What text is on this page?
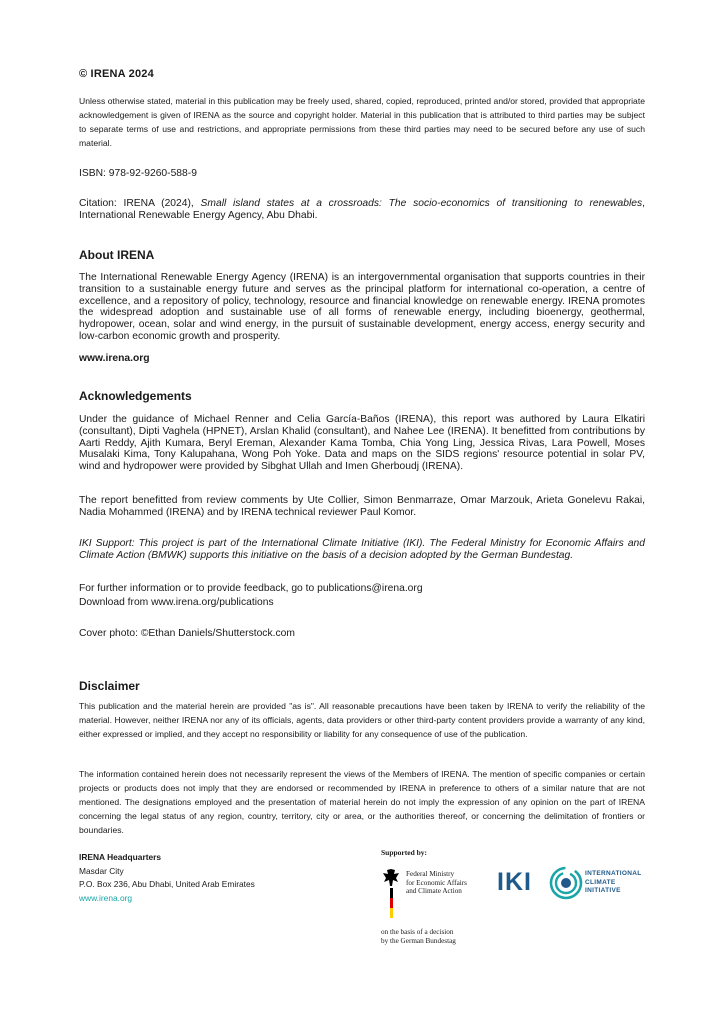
© IRENA 2024

Unless otherwise stated, material in this publication may be freely used, shared, copied, reproduced, printed and/or stored, provided that appropriate acknowledgement is given of IRENA as the source and copyright holder. Material in this publication that is attributed to third parties may be subject to separate terms of use and restrictions, and appropriate permissions from these third parties may need to be secured before any use of such material.

ISBN: 978-92-9260-588-9

Citation: IRENA (2024), Small island states at a crossroads: The socio-economics of transitioning to renewables, International Renewable Energy Agency, Abu Dhabi.

About IRENA

The International Renewable Energy Agency (IRENA) is an intergovernmental organisation that supports countries in their transition to a sustainable energy future and serves as the principal platform for international co-operation, a centre of excellence, and a repository of policy, technology, resource and financial knowledge on renewable energy. IRENA promotes the widespread adoption and sustainable use of all forms of renewable energy, including bioenergy, geothermal, hydropower, ocean, solar and wind energy, in the pursuit of sustainable development, energy access, energy security and low-carbon economic growth and prosperity.

www.irena.org
Acknowledgements

Under the guidance of Michael Renner and Celia García-Baños (IRENA), this report was authored by Laura Elkatiri (consultant), Dipti Vaghela (HPNET), Arslan Khalid (consultant), and Nahee Lee (IRENA). It benefitted from contributions by Aarti Reddy, Ajith Kumara, Beryl Ereman, Alexander Kama Tomba, Chia Yong Ling, Jessica Rivas, Lara Powell, Moses Musalaki Kima, Tony Kalupahana, Wong Poh Yoke. Data and maps on the SIDS regions' resource potential in solar PV, wind and hydropower were provided by Sibghat Ullah and Imen Gherboudj (IRENA).

The report benefitted from review comments by Ute Collier, Simon Benmarraze, Omar Marzouk, Arieta Gonelevu Rakai, Nadia Mohammed (IRENA) and by IRENA technical reviewer Paul Komor.

IKI Support: This project is part of the International Climate Initiative (IKI). The Federal Ministry for Economic Affairs and Climate Action (BMWK) supports this initiative on the basis of a decision adopted by the German Bundestag.

For further information or to provide feedback, go to publications@irena.org
Download from www.irena.org/publications
Cover photo: ©Ethan Daniels/Shutterstock.com
Disclaimer

This publication and the material herein are provided "as is". All reasonable precautions have been taken by IRENA to verify the reliability of the material. However, neither IRENA nor any of its officials, agents, data providers or other third-party content providers provide a warranty of any kind, either expressed or implied, and they accept no responsibility or liability for any consequence of use of the publication.

The information contained herein does not necessarily represent the views of the Members of IRENA. The mention of specific companies or certain projects or products does not imply that they are endorsed or recommended by IRENA in preference to others of a similar nature that are not mentioned. The designations employed and the presentation of material herein do not imply the expression of any opinion on the part of IRENA concerning the legal status of any region, country, territory, city or area, or the authorities thereof, or concerning the delimitation of frontiers or boundaries.

IRENA Headquarters
Masdar City
P.O. Box 236, Abu Dhabi, United Arab Emirates
www.irena.org
Supported by:
Federal Ministry
for Economic Affairs
and Climate Action
on the basis of a decision
by the German Bundestag
IKI	INTERNATIONAL
CLIMATE
INITIATIVE
